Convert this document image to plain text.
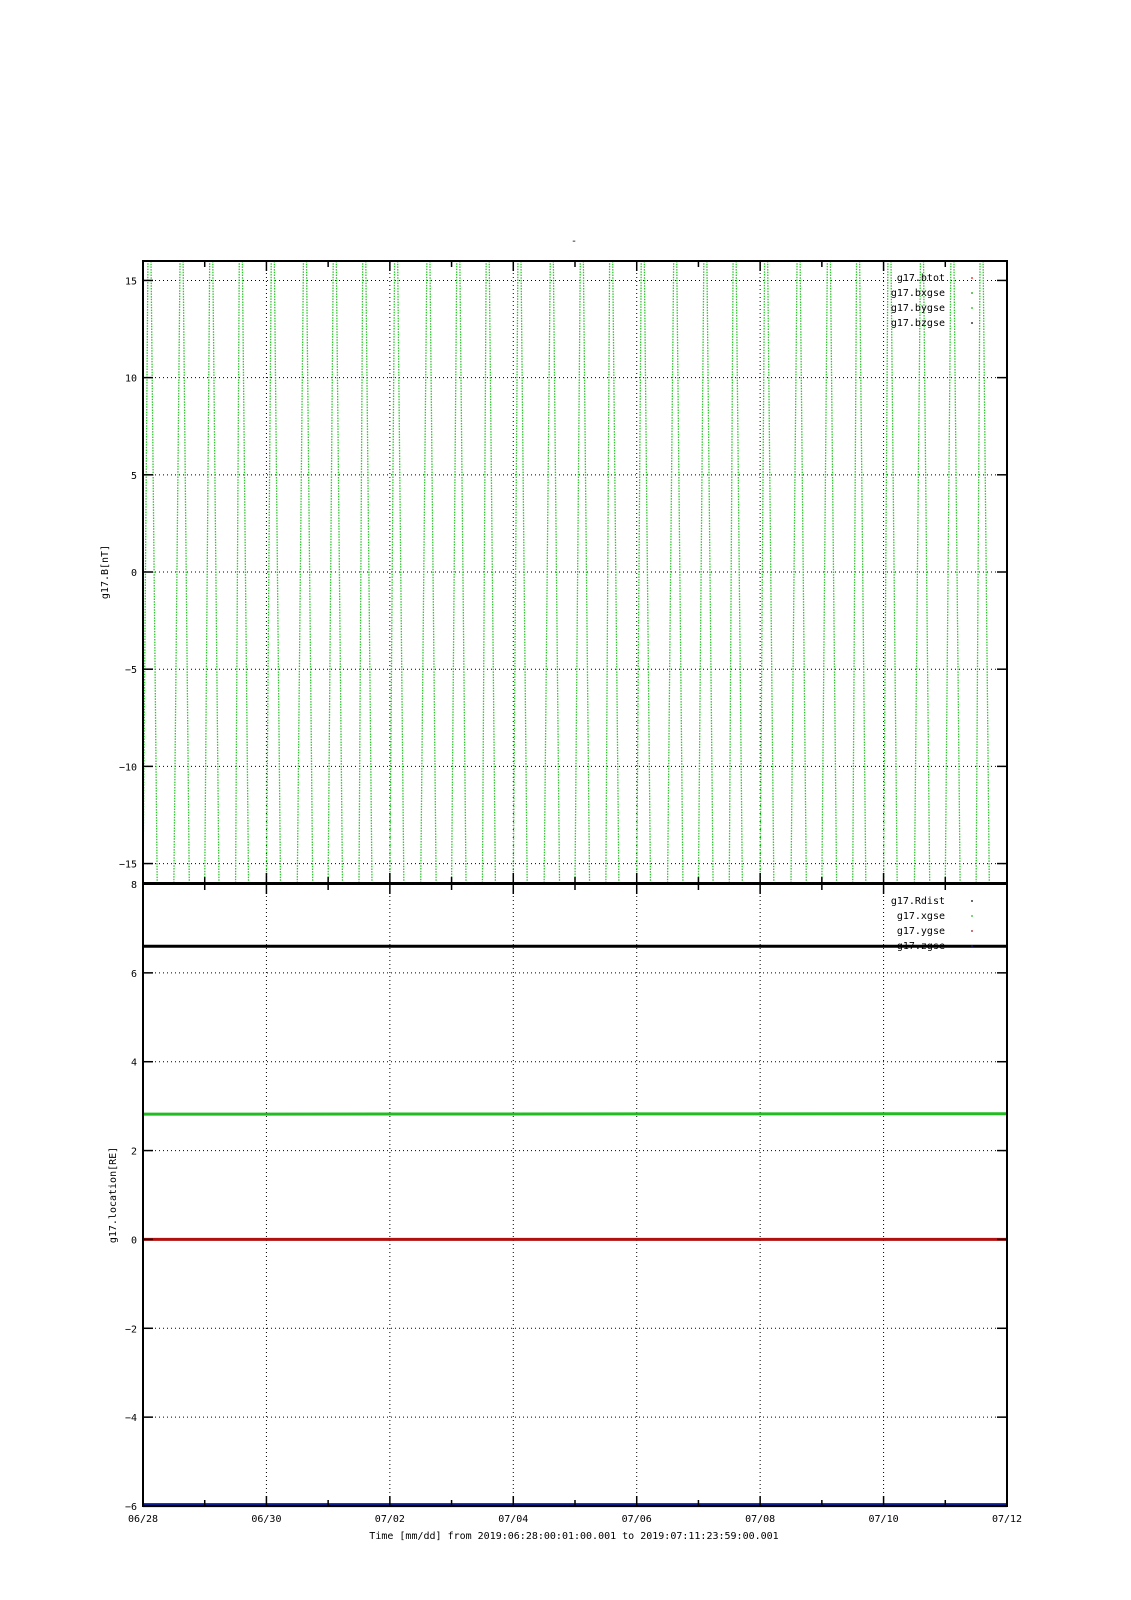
-
−15
−10
−5
0
5
10
15
g17.B[nT]
g17.btot
g17.bxgse
g17.bygse
g17.bzgse
−6
−4
−2
0
2
4
6
8
g17.location[RE]
g17.Rdist
g17.xgse
g17.ygse
g17.zgse
06/28	06/30	07/02	07/04	07/06	07/08	07/10	07/12
Time [mm/dd] from 2019:06:28:00:01:00.001 to 2019:07:11:23:59:00.001
